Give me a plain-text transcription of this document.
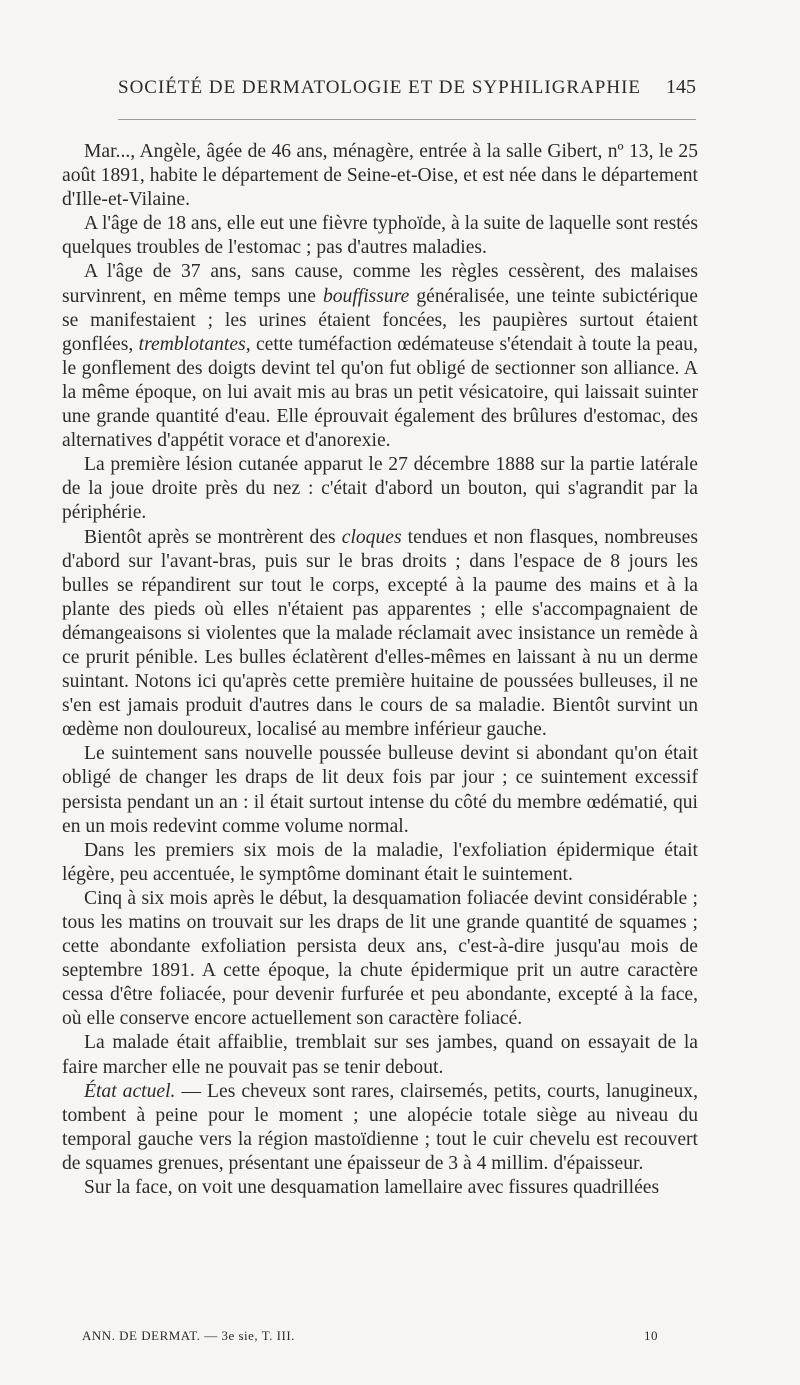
SOCIÉTÉ DE DERMATOLOGIE ET DE SYPHILIGRAPHIE 145

Mar..., Angèle, âgée de 46 ans, ménagère, entrée à la salle Gibert, nº 13, le 25 août 1891, habite le département de Seine-et-Oise, et est née dans le département d'Ille-et-Vilaine.

A l'âge de 18 ans, elle eut une fièvre typhoïde, à la suite de laquelle sont restés quelques troubles de l'estomac ; pas d'autres maladies.

A l'âge de 37 ans, sans cause, comme les règles cessèrent, des malaises survinrent, en même temps une bouffissure généralisée, une teinte subictérique se manifestaient ; les urines étaient foncées, les paupières surtout étaient gonflées, tremblotantes, cette tuméfaction œdémateuse s'étendait à toute la peau, le gonflement des doigts devint tel qu'on fut obligé de sectionner son alliance. A la même époque, on lui avait mis au bras un petit vésicatoire, qui laissait suinter une grande quantité d'eau. Elle éprouvait également des brûlures d'estomac, des alternatives d'appétit vorace et d'anorexie.

La première lésion cutanée apparut le 27 décembre 1888 sur la partie latérale de la joue droite près du nez : c'était d'abord un bouton, qui s'agrandit par la périphérie.

Bientôt après se montrèrent des cloques tendues et non flasques, nombreuses d'abord sur l'avant-bras, puis sur le bras droits ; dans l'espace de 8 jours les bulles se répandirent sur tout le corps, excepté à la paume des mains et à la plante des pieds où elles n'étaient pas apparentes ; elle s'accompagnaient de démangeaisons si violentes que la malade réclamait avec insistance un remède à ce prurit pénible. Les bulles éclatèrent d'elles-mêmes en laissant à nu un derme suintant. Notons ici qu'après cette première huitaine de poussées bulleuses, il ne s'en est jamais produit d'autres dans le cours de sa maladie. Bientôt survint un œdème non douloureux, localisé au membre inférieur gauche.

Le suintement sans nouvelle poussée bulleuse devint si abondant qu'on était obligé de changer les draps de lit deux fois par jour ; ce suintement excessif persista pendant un an : il était surtout intense du côté du membre œdématié, qui en un mois redevint comme volume normal.

Dans les premiers six mois de la maladie, l'exfoliation épidermique était légère, peu accentuée, le symptôme dominant était le suintement.

Cinq à six mois après le début, la desquamation foliacée devint considérable ; tous les matins on trouvait sur les draps de lit une grande quantité de squames ; cette abondante exfoliation persista deux ans, c'est-à-dire jusqu'au mois de septembre 1891. A cette époque, la chute épidermique prit un autre caractère cessa d'être foliacée, pour devenir furfurée et peu abondante, excepté à la face, où elle conserve encore actuellement son caractère foliacé.

La malade était affaiblie, tremblait sur ses jambes, quand on essayait de la faire marcher elle ne pouvait pas se tenir debout.

État actuel. — Les cheveux sont rares, clairsemés, petits, courts, lanugineux, tombent à peine pour le moment ; une alopécie totale siège au niveau du temporal gauche vers la région mastoïdienne ; tout le cuir chevelu est recouvert de squames grenues, présentant une épaisseur de 3 à 4 millim. d'épaisseur.

Sur la face, on voit une desquamation lamellaire avec fissures quadrillées

ANN. DE DERMAT. — 3e sie, T. III.	10
